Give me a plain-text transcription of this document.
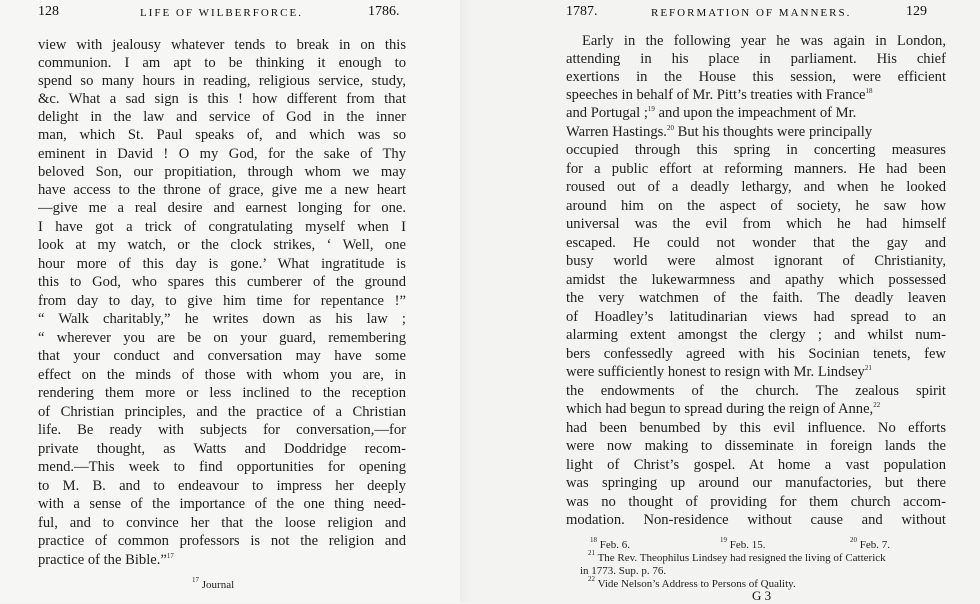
128	LIFE OF WILBERFORCE.	1786.
view with jealousy whatever tends to break in on this
communion. I am apt to be thinking it enough to
spend so many hours in reading, religious service, study,
&c. What a sad sign is this ! how different from that
delight in the law and service of God in the inner
man, which St. Paul speaks of, and which was so
eminent in David ! O my God, for the sake of Thy
beloved Son, our propitiation, through whom we may
have access to the throne of grace, give me a new heart
—give me a real desire and earnest longing for one.
I have got a trick of congratulating myself when I
look at my watch, or the clock strikes, ‘ Well, one
hour more of this day is gone.’ What ingratitude is
this to God, who spares this cumberer of the ground
from day to day, to give him time for repentance !”
“ Walk charitably,” he writes down as his law ;
“ wherever you are be on your guard, remembering
that your conduct and conversation may have some
effect on the minds of those with whom you are, in
rendering them more or less inclined to the reception
of Christian principles, and the practice of a Christian
life. Be ready with subjects for conversation,—for
private thought, as Watts and Doddridge recom-
mend.—This week to find opportunities for opening
to M. B. and to endeavour to impress her deeply
with a sense of the importance of the one thing need-
ful, and to convince her that the loose religion and
practice of common professors is not the religion and
practice of the Bible.”$^{17}$
$^{17}$ Journal
1787.	REFORMATION OF MANNERS.	129
Early in the following year he was again in London,
attending in his place in parliament. His chief
exertions in the House this session, were efficient
speeches in behalf of Mr. Pitt’s treaties with France$^{18}$
and Portugal ;$^{19}$ and upon the impeachment of Mr.
Warren Hastings.$^{20}$ But his thoughts were principally
occupied through this spring in concerting measures
for a public effort at reforming manners. He had been
roused out of a deadly lethargy, and when he looked
around him on the aspect of society, he saw how
universal was the evil from which he had himself
escaped. He could not wonder that the gay and
busy world were almost ignorant of Christianity,
amidst the lukewarmness and apathy which possessed
the very watchmen of the faith. The deadly leaven
of Hoadley’s latitudinarian views had spread to an
alarming extent amongst the clergy ; and whilst num-
bers confessedly agreed with his Socinian tenets, few
were sufficiently honest to resign with Mr. Lindsey$^{21}$
the endowments of the church. The zealous spirit
which had begun to spread during the reign of Anne,$^{22}$
had been benumbed by this evil influence. No efforts
were now making to disseminate in foreign lands the
light of Christ’s gospel. At home a vast population
was springing up around our manufactories, but there
was no thought of providing for them church accom-
modation. Non-residence without cause and without
$^{18}$ Feb. 6.	$^{19}$ Feb. 15.	$^{20}$ Feb. 7.
$^{21}$ The Rev. Theophilus Lindsey had resigned the living of Catterick
in 1773. Sup. p. 76.
$^{22}$ Vide Nelson’s Address to Persons of Quality.
G 3
